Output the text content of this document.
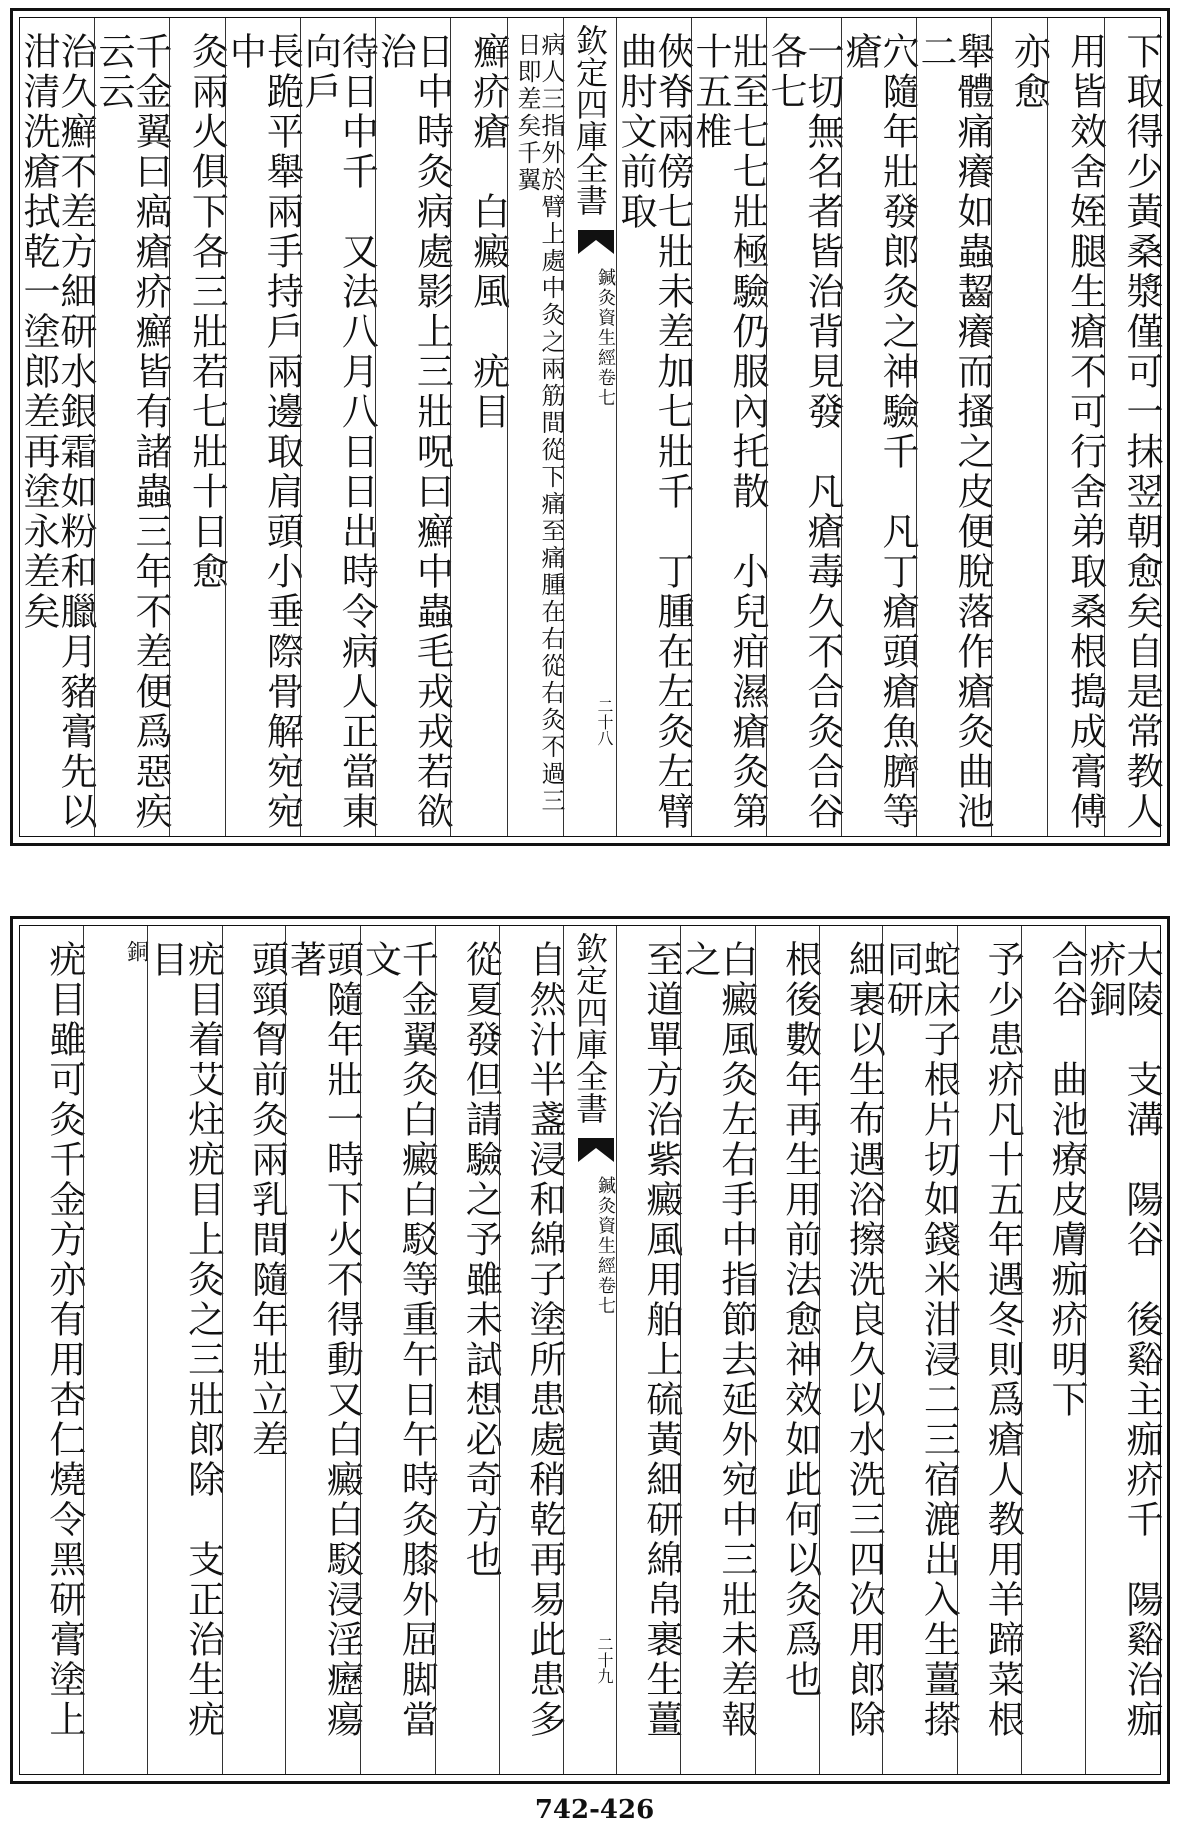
下取得少黃桑漿僅可一抹翌朝愈矣自是常教人
用皆效舍姪腿生瘡不可行舍弟取桑根搗成膏傅
亦愈
舉體痛癢如蟲齧癢而搔之皮便脫落作瘡灸曲池二
穴隨年壯發郎灸之神驗千　凡丁瘡頭瘡魚臍等瘡
一切無名者皆治背見發　凡瘡毒久不合灸合谷各七
壯至七七壯極驗仍服內托散　小兒疳濕瘡灸第十五椎
俠脊兩傍七壯未差加七壯千　丁腫在左灸左臂曲肘文前取
欽定四庫全書
鍼灸資生經
卷七
二十八
病人三指外於臂上處中灸之兩筋間從下痛至痛腫在右從右灸不過三日即差矣千翼
癬疥瘡　白癜風　疣目
日中時灸病處影上三壯呪曰癬中蟲毛戎戎若欲治
待日中千　又法八月八日日出時令病人正當東向戶
長跪平舉兩手持戶兩邊取肩頭小垂際骨解宛宛中
灸兩火俱下各三壯若七壯十日愈
千金翼曰瘑瘡疥癬皆有諸蟲三年不差便爲惡疾云云
治久癬不差方細研水銀霜如粉和臘月豬膏先以泔清洗瘡拭乾一塗郎差再塗永差矣
大陵　支溝　陽谷　後谿主痂疥千　陽谿治痂疥銅
合谷　曲池療皮膚痂疥明下
予少患疥凡十五年遇冬則爲瘡人教用羊蹄菜根
蛇床子根片切如錢米泔浸二三宿漉出入生薑搽同研
細裹以生布遇浴擦洗良久以水洗三四次用郎除
根後數年再生用前法愈神效如此何以灸爲也
白癜風灸左右手中指節去延外宛中三壯未差報之
至道單方治紫癜風用舶上硫黃細研綿帛裹生薑
欽定四庫全書
鍼灸資生經
卷七
二十九
自然汁半盞浸和綿子塗所患處稍乾再易此患多
從夏發但請驗之予雖未試想必奇方也
千金翼灸白癜白駁等重午日午時灸膝外屈脚當文
頭隨年壯一時下火不得動又白癜白駁浸淫癧瘍著
頭頸胷前灸兩乳間隨年壯立差
疣目着艾炷疣目上灸之三壯郎除　支正治生疣目
銅
疣目雖可灸千金方亦有用杏仁燒令黑研膏塗上
742-426
